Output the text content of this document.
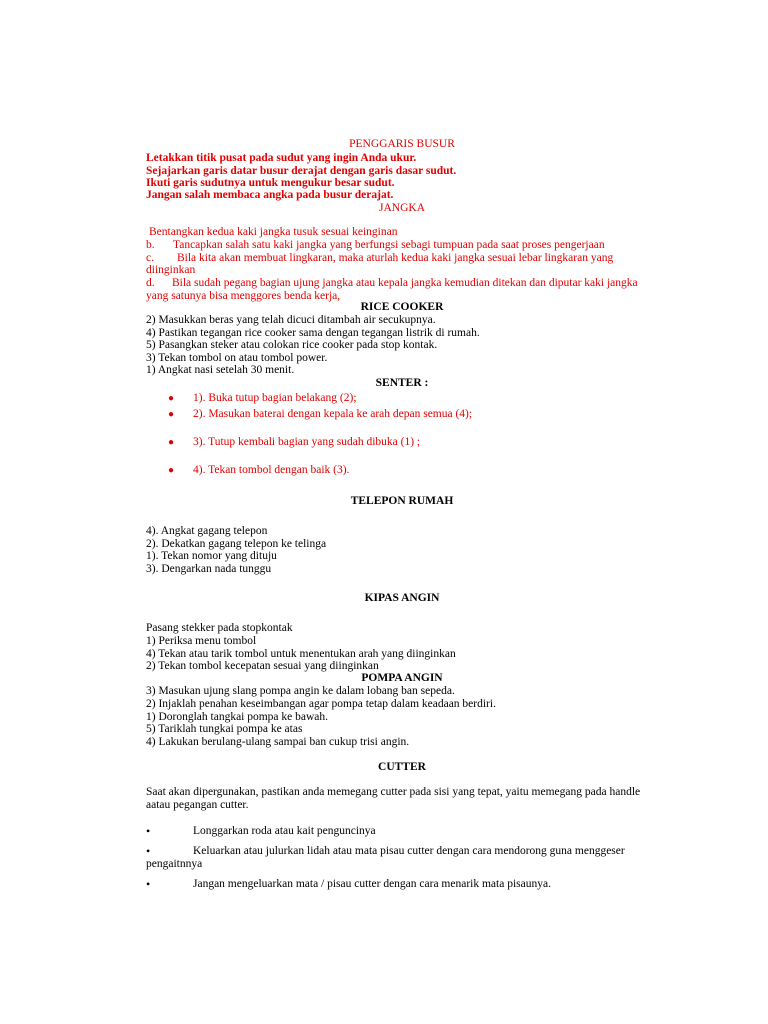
PENGGARIS BUSUR
Letakkan titik pusat pada sudut yang ingin Anda ukur.
Sejajarkan garis datar busur derajat dengan garis dasar sudut.
Ikuti garis sudutnya untuk mengukur besar sudut.
Jangan salah membaca angka pada busur derajat.
JANGKA
Bentangkan kedua kaki jangka tusuk sesuai keinginan
b. Tancapkan salah satu kaki jangka yang berfungsi sebagi tumpuan pada saat proses pengerjaan
c. Bila kita akan membuat lingkaran, maka aturlah kedua kaki jangka sesuai lebar lingkaran yang
diinginkan
d. Bila sudah pegang bagian ujung jangka atau kepala jangka kemudian ditekan dan diputar kaki jangka
yang satunya bisa menggores benda kerja,
RICE COOKER
2) Masukkan beras yang telah dicuci ditambah air secukupnya.
4) Pastikan tegangan rice cooker sama dengan tegangan listrik di rumah.
5) Pasangkan steker atau colokan rice cooker pada stop kontak.
3) Tekan tombol on atau tombol power.
1) Angkat nasi setelah 30 menit.
SENTER :
● 1). Buka tutup bagian belakang (2);
● 2). Masukan baterai dengan kepala ke arah depan semua (4);
● 3). Tutup kembali bagian yang sudah dibuka (1) ;
● 4). Tekan tombol dengan baik (3).
TELEPON RUMAH
4). Angkat gagang telepon
2). Dekatkan gagang telepon ke telinga
1). Tekan nomor yang dituju
3). Dengarkan nada tunggu
KIPAS ANGIN
Pasang stekker pada stopkontak
1) Periksa menu tombol
4) Tekan atau tarik tombol untuk menentukan arah yang diinginkan
2) Tekan tombol kecepatan sesuai yang diinginkan
POMPA ANGIN
3) Masukan ujung slang pompa angin ke dalam lobang ban sepeda.
2) Injaklah penahan keseimbangan agar pompa tetap dalam keadaan berdiri.
1) Doronglah tangkai pompa ke bawah.
5) Tariklah tungkai pompa ke atas
4) Lakukan berulang-ulang sampai ban cukup trisi angin.
CUTTER
Saat akan dipergunakan, pastikan anda memegang cutter pada sisi yang tepat, yaitu memegang pada handle
aatau pegangan cutter.
•	Longgarkan roda atau kait penguncinya
•	Keluarkan atau julurkan lidah atau mata pisau cutter dengan cara mendorong guna menggeser
pengaitnnya
•	Jangan mengeluarkan mata / pisau cutter dengan cara menarik mata pisaunya.
